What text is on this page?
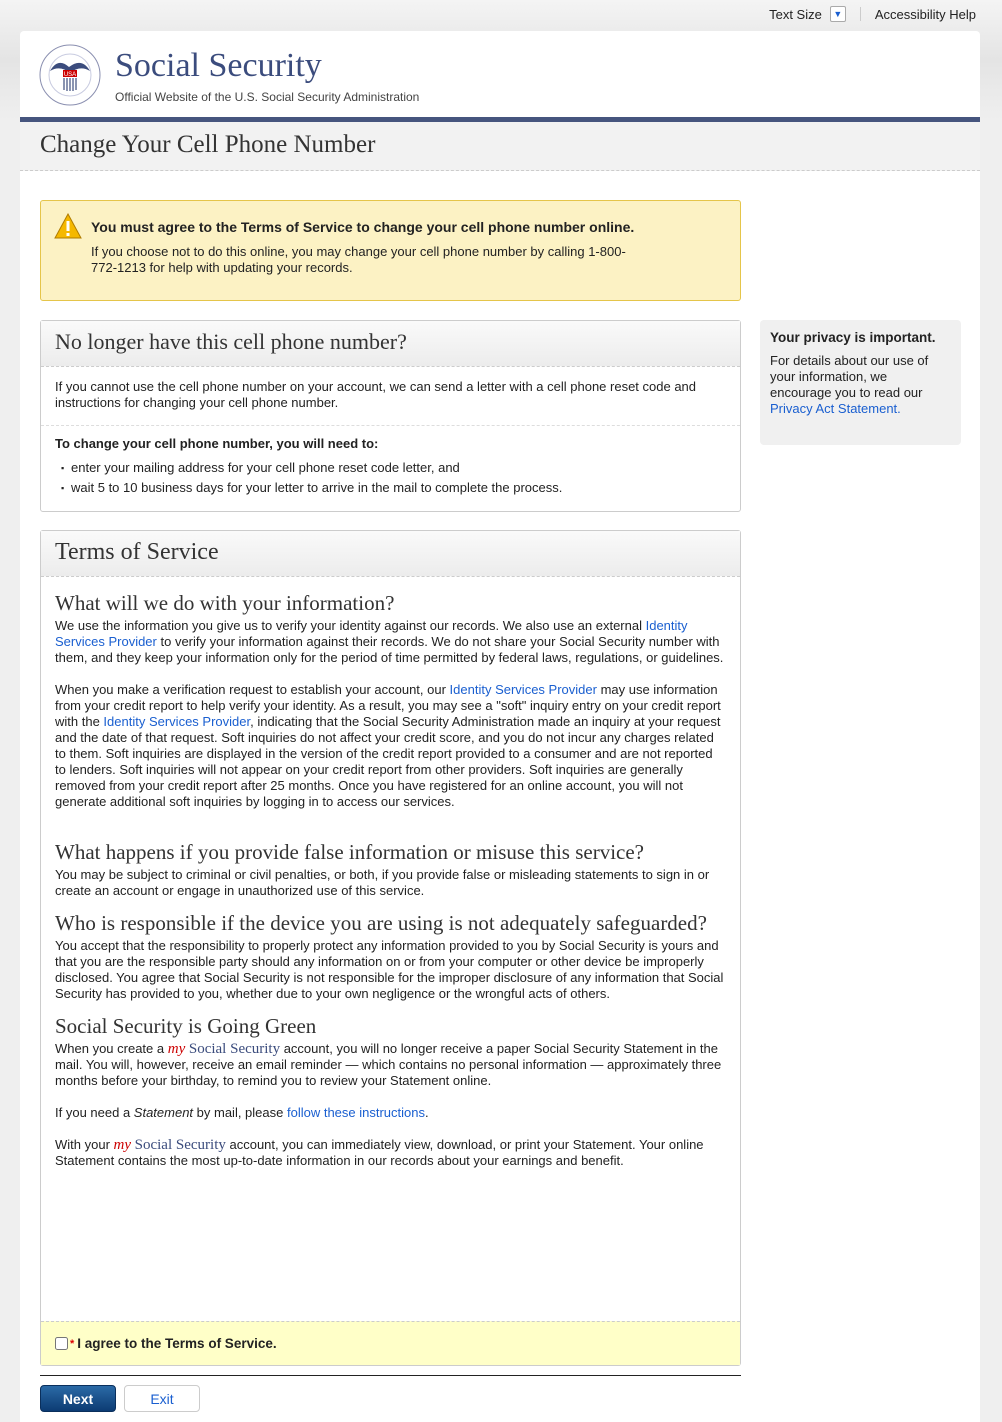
Text Size	▼	Accessibility Help
USA Social Security
Official Website of the U.S. Social Security Administration
Change Your Cell Phone Number
You must agree to the Terms of Service to change your cell phone number online.

If you choose not to do this online, you may change your cell phone number by calling 1-800-772-1213 for help with updating your records.

No longer have this cell phone number?
If you cannot use the cell phone number on your account, we can send a letter with a cell phone reset code and instructions for changing your cell phone number.
To change your cell phone number, you will need to:
▪ enter your mailing address for your cell phone reset code letter, and
▪ wait 5 to 10 business days for your letter to arrive in the mail to complete the process.
Terms of Service
What will we do with your information?

We use the information you give us to verify your identity against our records. We also use an external Identity Services Provider to verify your information against their records. We do not share your Social Security number with them, and they keep your information only for the period of time permitted by federal laws, regulations, or guidelines.

When you make a verification request to establish your account, our Identity Services Provider may use information from your credit report to help verify your identity. As a result, you may see a "soft" inquiry entry on your credit report with the Identity Services Provider, indicating that the Social Security Administration made an inquiry at your request and the date of that request. Soft inquiries do not affect your credit score, and you do not incur any charges related to them. Soft inquiries are displayed in the version of the credit report provided to a consumer and are not reported to lenders. Soft inquiries will not appear on your credit report from other providers. Soft inquiries are generally removed from your credit report after 25 months. Once you have registered for an online account, you will not generate additional soft inquiries by logging in to access our services.

What happens if you provide false information or misuse this service?

You may be subject to criminal or civil penalties, or both, if you provide false or misleading statements to sign in or create an account or engage in unauthorized use of this service.

Who is responsible if the device you are using is not adequately safeguarded?

You accept that the responsibility to properly protect any information provided to you by Social Security is yours and that you are the responsible party should any information on or from your computer or other device be improperly disclosed. You agree that Social Security is not responsible for the improper disclosure of any information that Social Security has provided to you, whether due to your own negligence or the wrongful acts of others.

Social Security is Going Green

When you create a my Social Security account, you will no longer receive a paper Social Security Statement in the mail. You will, however, receive an email reminder — which contains no personal information — approximately three months before your birthday, to remind you to review your Statement online.

If you need a Statement by mail, please follow these instructions.

With your my Social Security account, you can immediately view, download, or print your Statement. Your online Statement contains the most up-to-date information in our records about your earnings and benefit.

* I agree to the Terms of Service.
Next	Exit
Your privacy is important.
For details about our use of your information, we encourage you to read our Privacy Act Statement.
